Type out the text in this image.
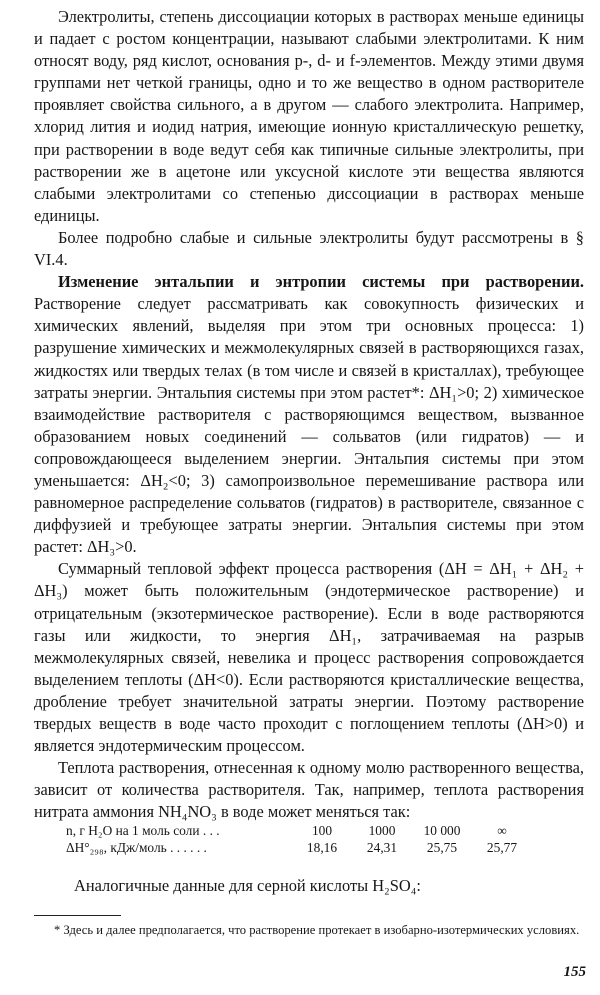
Электролиты, степень диссоциации которых в растворах меньше единицы и падает с ростом концентрации, называют слабыми электролитами. К ним относят воду, ряд кислот, основания p-, d- и f-элементов. Между этими двумя группами нет четкой границы, одно и то же вещество в одном растворителе проявляет свойства сильного, а в другом — слабого электролита. Например, хлорид лития и иодид натрия, имеющие ионную кристаллическую решетку, при растворении в воде ведут себя как типичные сильные электролиты, при растворении же в ацетоне или уксусной кислоте эти вещества являются слабыми электролитами со степенью диссоциации в растворах меньше единицы.

Более подробно слабые и сильные электролиты будут рассмотрены в § VI.4.

Изменение энтальпии и энтропии системы при растворении. Растворение следует рассматривать как совокупность физических и химических явлений, выделяя при этом три основных процесса: 1) разрушение химических и межмолекулярных связей в растворяющихся газах, жидкостях или твердых телах (в том числе и связей в кристаллах), требующее затраты энергии. Энтальпия системы при этом растет*: ΔH₁>0; 2) химическое взаимодействие растворителя с растворяющимся веществом, вызванное образованием новых соединений — сольватов (или гидратов) — и сопровождающееся выделением энергии. Энтальпия системы при этом уменьшается: ΔH₂<0; 3) самопроизвольное перемешивание раствора или равномерное распределение сольватов (гидратов) в растворителе, связанное с диффузией и требующее затраты энергии. Энтальпия системы при этом растет: ΔH₃>0.

Суммарный тепловой эффект процесса растворения (ΔH = ΔH₁ + ΔH₂ + ΔH₃) может быть положительным (эндотермическое растворение) и отрицательным (экзотермическое растворение). Если в воде растворяются газы или жидкости, то энергия ΔH₁, затрачиваемая на разрыв межмолекулярных связей, невелика и процесс растворения сопровождается выделением теплоты (ΔH<0). Если растворяются кристаллические вещества, дробление требует значительной затраты энергии. Поэтому растворение твердых веществ в воде часто проходит с поглощением теплоты (ΔH>0) и является эндотермическим процессом.

Теплота растворения, отнесенная к одному молю растворенного вещества, зависит от количества растворителя. Так, например, теплота растворения нитрата аммония NH₄NO₃ в воде может меняться так:

n, г H₂O на 1 моль соли . . .	100	1000	10 000	∞
ΔH°₂₉₈, кДж/моль . . . . . .	18,16	24,31	25,75	25,77

Аналогичные данные для серной кислоты H₂SO₄:

* Здесь и далее предполагается, что растворение протекает в изобарно-изотермических условиях.

155
